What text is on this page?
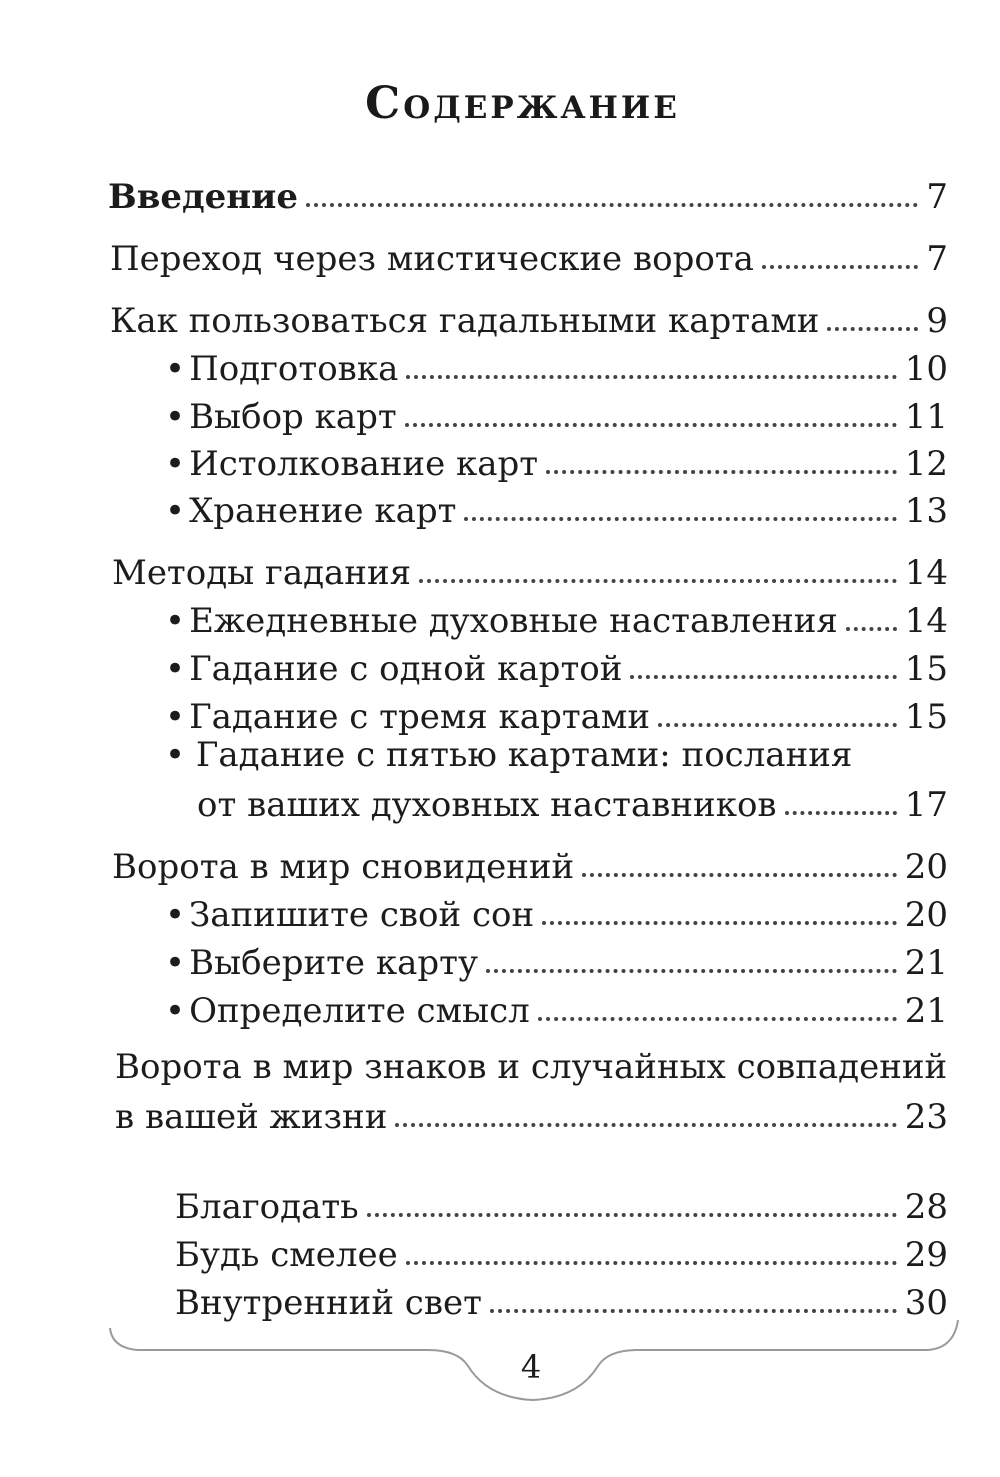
Содержание
Введение	7
Переход через мистические ворота	7
Как пользоваться гадальными картами	9
• Подготовка	10
• Выбор карт	11
• Истолкование карт	12
• Хранение карт	13
Методы гадания	14
• Ежедневные духовные наставления 14
• Гадание с одной картой	15
• Гадание с тремя картами	15
• Гадание с пятью картами: послания
от ваших духовных наставников	17
Ворота в мир сновидений	20
• Запишите свой сон	20
• Выберите карту	21
• Определите смысл	21
Ворота в мир знаков и случайных совпадений
в вашей жизни	23
Благодать	28
Будь смелее	29
Внутренний свет	30
4
